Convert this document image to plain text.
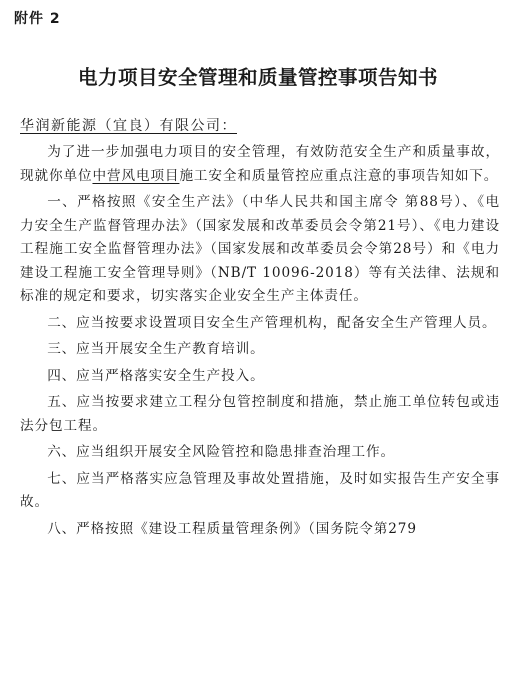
附件 2
电力项目安全管理和质量管控事项告知书
华润新能源（宜良）有限公司：

为了进一步加强电力项目的安全管理，有效防范安全生产和质量事故，现就你单位中营风电项目施工安全和质量管控应重点注意的事项告知如下。

一、严格按照《安全生产法》（中华人民共和国主席令 第88号）、《电力安全生产监督管理办法》（国家发展和改革委员会令第21号）、《电力建设工程施工安全监督管理办法》（国家发展和改革委员会令第28号）和《电力建设工程施工安全管理导则》（NB/T 10096-2018）等有关法律、法规和标准的规定和要求，切实落实企业安全生产主体责任。

二、应当按要求设置项目安全生产管理机构，配备安全生产管理人员。

三、应当开展安全生产教育培训。

四、应当严格落实安全生产投入。

五、应当按要求建立工程分包管控制度和措施，禁止施工单位转包或违法分包工程。

六、应当组织开展安全风险管控和隐患排查治理工作。

七、应当严格落实应急管理及事故处置措施，及时如实报告生产安全事故。

八、严格按照《建设工程质量管理条例》（国务院令第279
